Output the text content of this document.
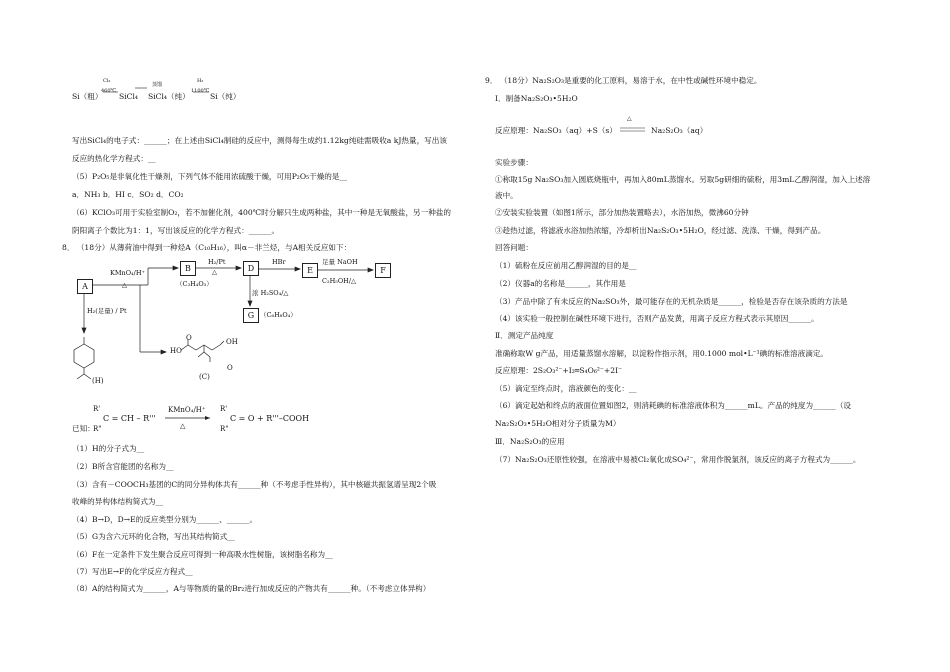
Cl₂
460℃
蒸馏
H₂
1100℃
Si（粗） SiCl₄ SiCl₄（纯）	Si（纯）
写出SiCl₄的电子式：______；在上述由SiCl₄制硅的反应中，测得每生成约1.12kg纯硅需吸收a kJ热量，写出该
反应的热化学方程式：__
（5）P₂O₅是非氧化性干燥剂，下列气体不能用浓硫酸干燥，可用P₂O₅干燥的是__
a．NH₃ b．HI c．SO₂ d．CO₂
（6）KClO₃可用于实验室制O₂，若不加催化剂，400℃时分解只生成两种盐，其中一种是无氧酸盐，另一种盐的
阴阳离子个数比为1：1，写出该反应的化学方程式：______。
8． （18分）从薄荷油中得到一种烃A（C₁₀H₁₆），叫α－非兰烃，与A相关反应如下：
A
B	D	E	F
G
KMnO₄/H⁺
△
H₂/Pt
△
HBr	足量 NaOH
C₂H₅OH/△
浓 H₂SO₄/△
（C₃H₄O₃）
（C₆H₈O₄）
H₂(足量) / Pt
(H)	(C)
HO
OH
O
O
已知：
R'
R"
C = CH – R'''
KMnO₄/H⁺
△
R'
R"
C = O + R'''–COOH
（1）H的分子式为__
（2）B所含官能团的名称为__
（3）含有－COOCH₃基团的C的同分异构体共有______种（不考虑手性异构），其中核磁共振氢谱呈现2个吸
收峰的异构体结构简式为__
（4）B→D，D→E的反应类型分别为______、______。
（5）G为含六元环的化合物，写出其结构简式__
（6）F在一定条件下发生聚合反应可得到一种高吸水性树脂，该树脂名称为__
（7）写出E→F的化学反应方程式__
（8）A的结构简式为______，A与等物质的量的Br₂进行加成反应的产物共有______种。（不考虑立体异构）
9． （18分）Na₂S₂O₃是重要的化工原料，易溶于水，在中性或碱性环境中稳定。
Ⅰ．制备Na₂S₂O₃•5H₂O
△
反应原理：Na₂SO₃（aq）+S（s）	Na₂S₂O₃（aq）
实验步骤：
①称取15g Na₂SO₃加入圆底烧瓶中，再加入80mL蒸馏水。另取5g研细的硫粉，用3mL乙醇润湿，加入上述溶
液中。
②安装实验装置（如图1所示，部分加热装置略去），水浴加热，微沸60分钟
③趁热过滤，将滤液水浴加热浓缩，冷却析出Na₂S₂O₃•5H₂O，经过滤、洗涤、干燥，得到产品。
回答问题：
（1）硫粉在反应前用乙醇润湿的目的是__
（2）仪器a的名称是______，其作用是
（3）产品中除了有未反应的Na₂SO₃外，最可能存在的无机杂质是______，检验是否存在该杂质的方法是
（4）该实验一般控制在碱性环境下进行，否则产品发黄，用离子反应方程式表示其原因______。
Ⅱ．测定产品纯度
准确称取W g产品，用适量蒸馏水溶解，以淀粉作指示剂，用0.1000 mol•L⁻¹碘的标准溶液滴定。
反应原理：2S₂O₃²⁻+I₂═S₄O₆²⁻+2I⁻
（5）滴定至终点时，溶液颜色的变化：__
（6）滴定起始和终点的液面位置如图2，则消耗碘的标准溶液体积为______mL。产品的纯度为______（设
Na₂S₂O₃•5H₂O相对分子质量为M）
Ⅲ．Na₂S₂O₃的应用
（7）Na₂S₂O₃还原性较强，在溶液中易被Cl₂氧化成SO₄²⁻，常用作脱氯剂，该反应的离子方程式为______。
